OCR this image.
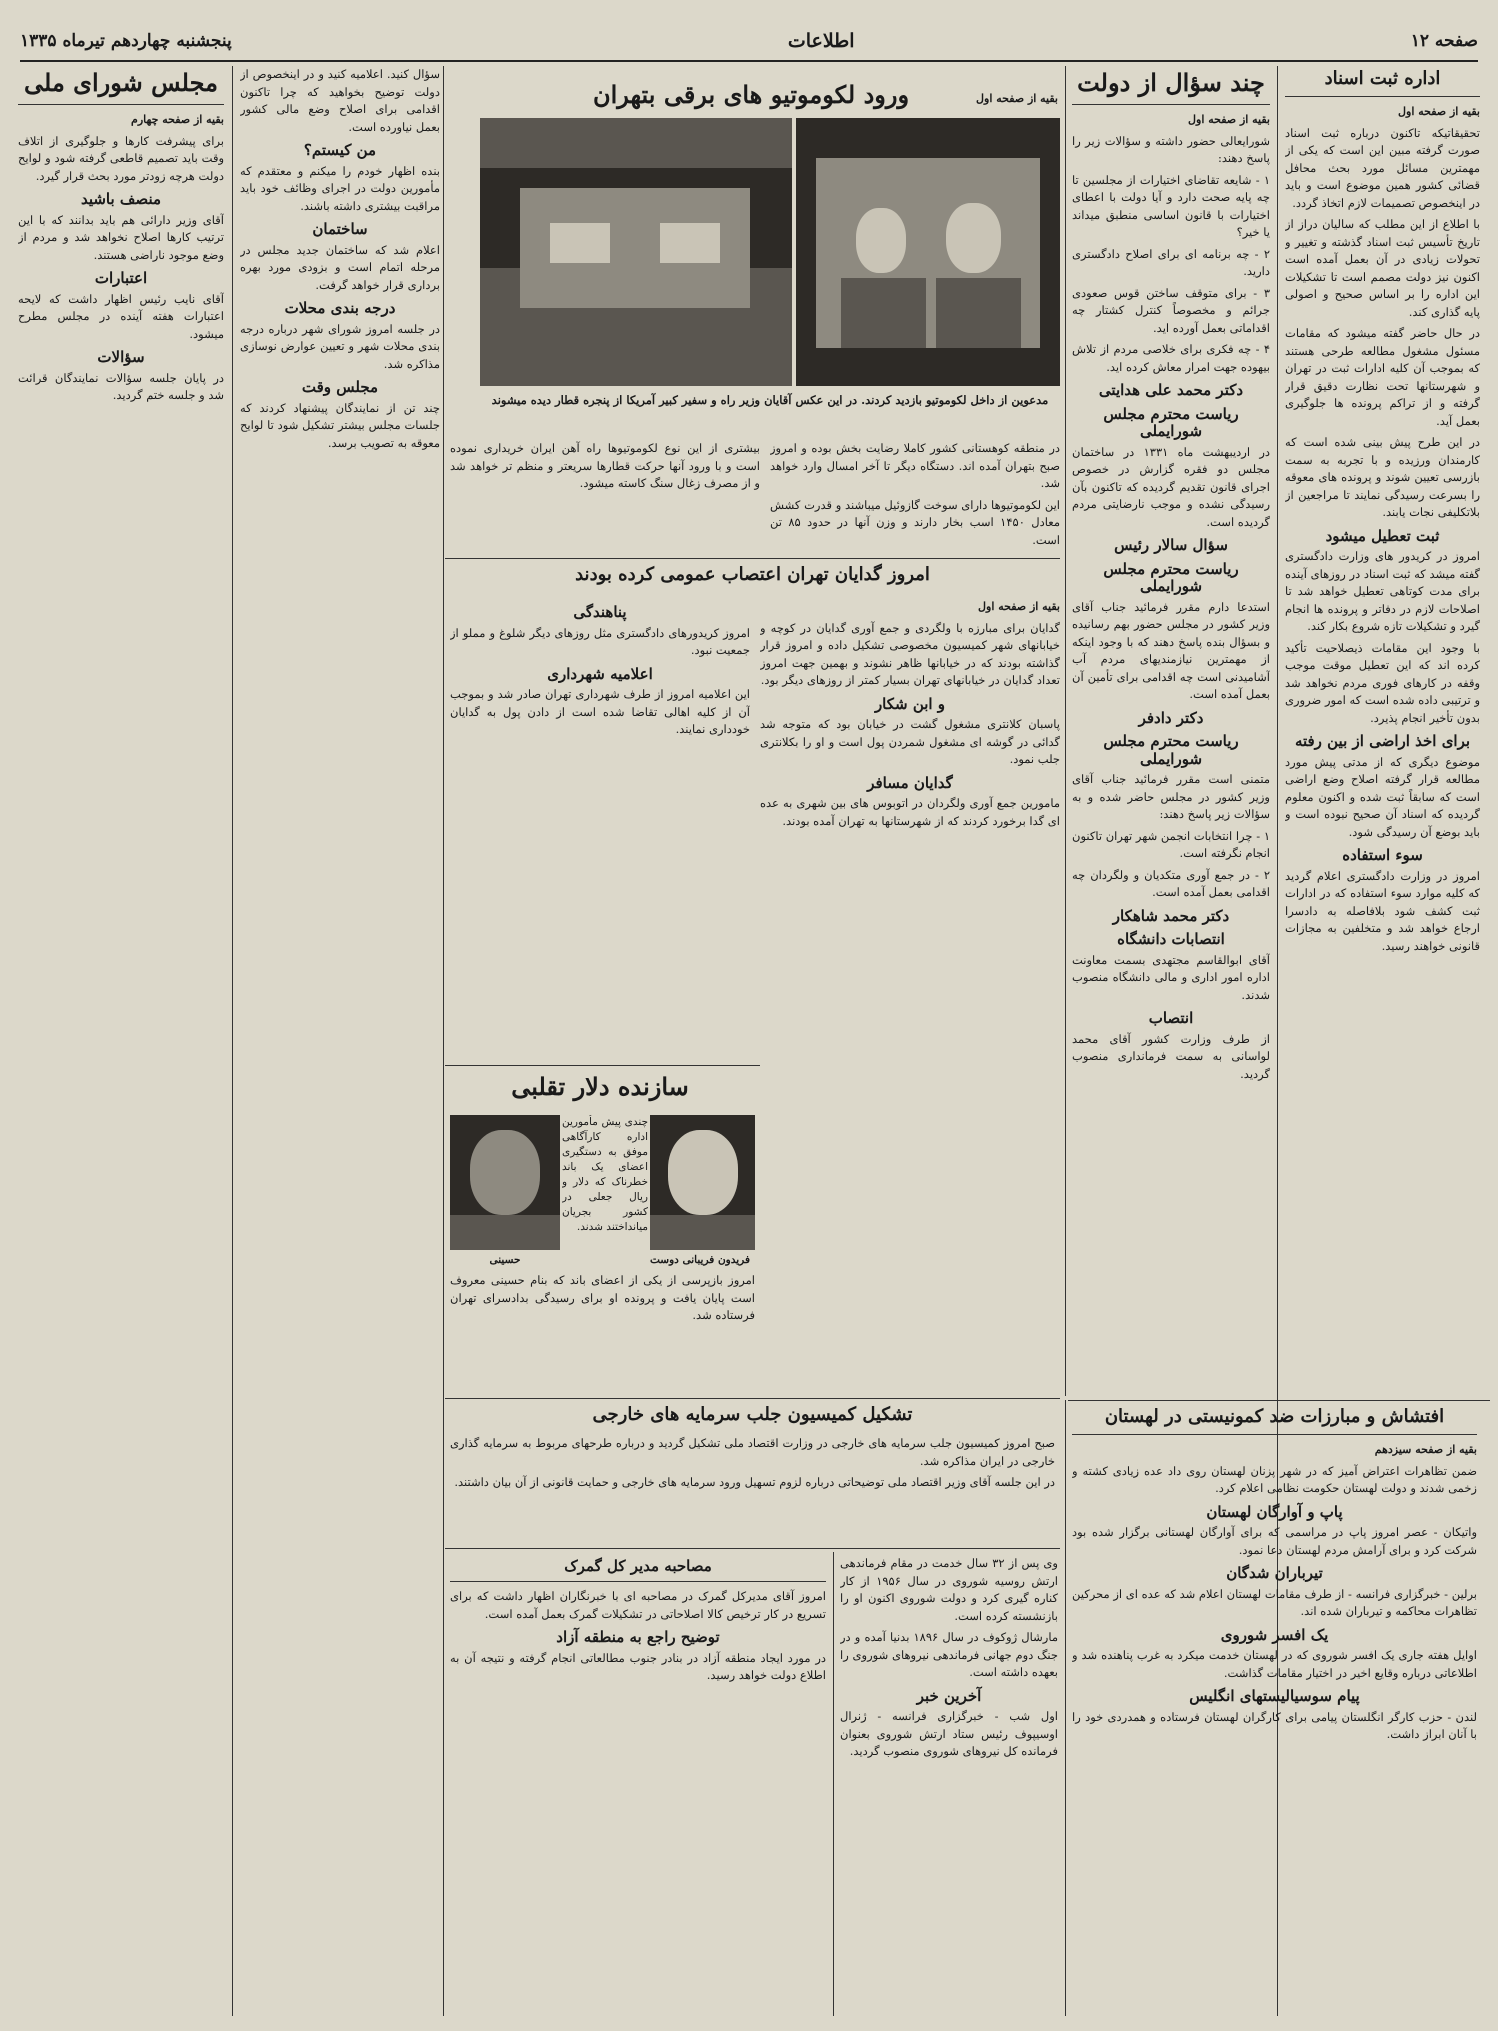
صفحه ۱۲
اطلاعات
پنجشنبه چهاردهم تیرماه ۱۳۳۵
اداره ثبت اسناد
بقیه از صفحه اول

تحقیقاتیکه تاکنون درباره ثبت اسناد صورت گرفته مبین این است که یکی از مهمترین مسائل مورد بحث محافل قضائی کشور همین موضوع است و باید در اینخصوص تصمیمات لازم اتخاذ گردد.

با اطلاع از این مطلب که سالیان دراز از تاریخ تأسیس ثبت اسناد گذشته و تغییر و تحولات زیادی در آن بعمل آمده است اکنون نیز دولت مصمم است تا تشکیلات این اداره را بر اساس صحیح و اصولی پایه گذاری کند.

در حال حاضر گفته میشود که مقامات مسئول مشغول مطالعه طرحی هستند که بموجب آن کلیه ادارات ثبت در تهران و شهرستانها تحت نظارت دقیق قرار گرفته و از تراکم پرونده ها جلوگیری بعمل آید.

در این طرح پیش بینی شده است که کارمندان ورزیده و با تجربه به سمت بازرسی تعیین شوند و پرونده های معوقه را بسرعت رسیدگی نمایند تا مراجعین از بلاتکلیفی نجات یابند.

ثبت تعطیل میشود

امروز در کریدور های وزارت دادگستری گفته میشد که ثبت اسناد در روزهای آینده برای مدت کوتاهی تعطیل خواهد شد تا اصلاحات لازم در دفاتر و پرونده ها انجام گیرد و تشکیلات تازه شروع بکار کند.

با وجود این مقامات ذیصلاحیت تأکید کرده اند که این تعطیل موقت موجب وقفه در کارهای فوری مردم نخواهد شد و ترتیبی داده شده است که امور ضروری بدون تأخیر انجام پذیرد.

برای اخذ اراضی از بین رفته

موضوع دیگری که از مدتی پیش مورد مطالعه قرار گرفته اصلاح وضع اراضی است که سابقاً ثبت شده و اکنون معلوم گردیده که اسناد آن صحیح نبوده است و باید بوضع آن رسیدگی شود.

سوء استفاده

امروز در وزارت دادگستری اعلام گردید که کلیه موارد سوء استفاده که در ادارات ثبت کشف شود بلافاصله به دادسرا ارجاع خواهد شد و متخلفین به مجازات قانونی خواهند رسید.

چند سؤال از دولت
بقیه از صفحه اول

شورایعالی حضور داشته و سؤالات زیر را پاسخ دهند:

۱ - شایعه تقاضای اختیارات از مجلسین تا چه پایه صحت دارد و آیا دولت با اعطای اختیارات با قانون اساسی منطبق میداند یا خیر؟

۲ - چه برنامه ای برای اصلاح دادگستری دارید.

۳ - برای متوقف ساختن قوس صعودی جرائم و مخصوصاً کنترل کشتار چه اقداماتی بعمل آورده اید.

۴ - چه فکری برای خلاصی مردم از تلاش بیهوده جهت امرار معاش کرده اید.

دکتر محمد علی هدایتی
ریاست محترم مجلس شورایملی

در اردیبهشت ماه ۱۳۳۱ در ساختمان مجلس دو فقره گزارش در خصوص اجرای قانون تقدیم گردیده که تاکنون بآن رسیدگی نشده و موجب نارضایتی مردم گردیده است.

سؤال سالار رئیس
ریاست محترم مجلس شورایملی

استدعا دارم مقرر فرمائید جناب آقای وزیر کشور در مجلس حضور بهم رسانیده و بسؤال بنده پاسخ دهند که با وجود اینکه از مهمترین نیازمندیهای مردم آب آشامیدنی است چه اقدامی برای تأمین آن بعمل آمده است.

دکتر دادفر
ریاست محترم مجلس شورایملی

متمنی است مقرر فرمائید جناب آقای وزیر کشور در مجلس حاضر شده و به سؤالات زیر پاسخ دهند:

۱ - چرا انتخابات انجمن شهر تهران تاکنون انجام نگرفته است.

۲ - در جمع آوری متکدیان و ولگردان چه اقدامی بعمل آمده است.

دکتر محمد شاهکار
انتصابات دانشگاه

آقای ابوالقاسم مجتهدی بسمت معاونت اداره امور اداری و مالی دانشگاه منصوب شدند.

انتصاب

از طرف وزارت کشور آقای محمد لواسانی به سمت فرمانداری منصوب گردید.

ورود لکوموتیو های برقی بتهران	بقیه از صفحه اول
مدعوین از داخل لکوموتیو بازدید کردند. در این عکس آقایان وزیر راه و سفیر کبیر آمریکا از پنجره قطار دیده میشوند

در منطقه کوهستانی کشور کاملا رضایت بخش بوده و امروز صبح بتهران آمده اند. دستگاه دیگر تا آخر امسال وارد خواهد شد.

این لکوموتیوها دارای سوخت گازوئیل میباشند و قدرت کشش معادل ۱۴۵۰ اسب بخار دارند و وزن آنها در حدود ۸۵ تن است.

بیشتری از این نوع لکوموتیوها راه آهن ایران خریداری نموده است و با ورود آنها حرکت قطارها سریعتر و منظم تر خواهد شد و از مصرف زغال سنگ کاسته میشود.

امروز گدایان تهران اعتصاب عمومی کرده بودند
بقیه از صفحه اول

گدایان برای مبارزه با ولگردی و جمع آوری گدایان در کوچه و خیابانهای شهر کمیسیون مخصوصی تشکیل داده و امروز قرار گذاشته بودند که در خیابانها ظاهر نشوند و بهمین جهت امروز تعداد گدایان در خیابانهای تهران بسیار کمتر از روزهای دیگر بود.

و ابن شکار

پاسبان کلانتری مشغول گشت در خیابان بود که متوجه شد گدائی در گوشه ای مشغول شمردن پول است و او را بکلانتری جلب نمود.

گدایان مسافر

مامورین جمع آوری ولگردان در اتوبوس های بین شهری به عده ای گدا برخورد کردند که از شهرستانها به تهران آمده بودند.

پناهندگی

امروز کریدورهای دادگستری مثل روزهای دیگر شلوغ و مملو از جمعیت نبود.

اعلامیه شهرداری

این اعلامیه امروز از طرف شهرداری تهران صادر شد و بموجب آن از کلیه اهالی تقاضا شده است از دادن پول به گدایان خودداری نمایند.

سازنده دلار تقلبی

چندی پیش مأمورین اداره کارآگاهی موفق به دستگیری اعضای یک باند خطرناک که دلار و ریال جعلی در کشور بجریان میانداختند شدند.

حسینی	فریدون فریبانی دوست

امروز بازپرسی از یکی از اعضای باند که بنام حسینی معروف است پایان یافت و پرونده او برای رسیدگی بدادسرای تهران فرستاده شد.

تشکیل کمیسیون جلب سرمایه های خارجی

صبح امروز کمیسیون جلب سرمایه های خارجی در وزارت اقتصاد ملی تشکیل گردید و درباره طرحهای مربوط به سرمایه گذاری خارجی در ایران مذاکره شد.

در این جلسه آقای وزیر اقتصاد ملی توضیحاتی درباره لزوم تسهیل ورود سرمایه های خارجی و حمایت قانونی از آن بیان داشتند.

وی پس از ۳۲ سال خدمت در مقام فرماندهی ارتش روسیه شوروی در سال ۱۹۵۶ از کار کناره گیری کرد و دولت شوروی اکنون او را بازنشسته کرده است.

مارشال ژوکوف در سال ۱۸۹۶ بدنیا آمده و در جنگ دوم جهانی فرماندهی نیروهای شوروی را بعهده داشته است.

آخرین خبر

اول شب - خبرگزاری فرانسه - ژنرال اوسیپوف رئیس ستاد ارتش شوروی بعنوان فرمانده کل نیروهای شوروی منصوب گردید.

مصاحبه مدیر کل گمرک

امروز آقای مدیرکل گمرک در مصاحبه ای با خبرنگاران اظهار داشت که برای تسریع در کار ترخیص کالا اصلاحاتی در تشکیلات گمرک بعمل آمده است.

توضیح راجع به منطقه آزاد

در مورد ایجاد منطقه آزاد در بنادر جنوب مطالعاتی انجام گرفته و نتیجه آن به اطلاع دولت خواهد رسید.

سؤال کنید. اعلامیه کنید و در اینخصوص از دولت توضیح بخواهید که چرا تاکنون اقدامی برای اصلاح وضع مالی کشور بعمل نیاورده است.

من کیستم؟

بنده اظهار خودم را میکنم و معتقدم که مأمورین دولت در اجرای وظائف خود باید مراقبت بیشتری داشته باشند.

ساختمان

اعلام شد که ساختمان جدید مجلس در مرحله اتمام است و بزودی مورد بهره برداری قرار خواهد گرفت.

درجه بندی محلات

در جلسه امروز شورای شهر درباره درجه بندی محلات شهر و تعیین عوارض نوسازی مذاکره شد.

مجلس وقت

چند تن از نمایندگان پیشنهاد کردند که جلسات مجلس بیشتر تشکیل شود تا لوایح معوقه به تصویب برسد.

مجلس شورای ملی
بقیه از صفحه چهارم

برای پیشرفت کارها و جلوگیری از اتلاف وقت باید تصمیم قاطعی گرفته شود و لوایح دولت هرچه زودتر مورد بحث قرار گیرد.

منصف باشید

آقای وزیر دارائی هم باید بدانند که با این ترتیب کارها اصلاح نخواهد شد و مردم از وضع موجود ناراضی هستند.

اعتبارات

آقای نایب رئیس اظهار داشت که لایحه اعتبارات هفته آینده در مجلس مطرح میشود.

سؤالات

در پایان جلسه سؤالات نمایندگان قرائت شد و جلسه ختم گردید.

افتشاش و مبارزات ضد کمونیستی در لهستان
بقیه از صفحه سیزدهم

ضمن تظاهرات اعتراض آمیز که در شهر پزنان لهستان روی داد عده زیادی کشته و زخمی شدند و دولت لهستان حکومت نظامی اعلام کرد.

پاپ و آوارگان لهستان

واتیکان - عصر امروز پاپ در مراسمی که برای آوارگان لهستانی برگزار شده بود شرکت کرد و برای آرامش مردم لهستان دعا نمود.

تیرباران شدگان

برلین - خبرگزاری فرانسه - از طرف مقامات لهستان اعلام شد که عده ای از محرکین تظاهرات محاکمه و تیرباران شده اند.

یک افسر شوروی

اوایل هفته جاری یک افسر شوروی که در لهستان خدمت میکرد به غرب پناهنده شد و اطلاعاتی درباره وقایع اخیر در اختیار مقامات گذاشت.

پیام سوسیالیستهای انگلیس

لندن - حزب کارگر انگلستان پیامی برای کارگران لهستان فرستاده و همدردی خود را با آنان ابراز داشت.
